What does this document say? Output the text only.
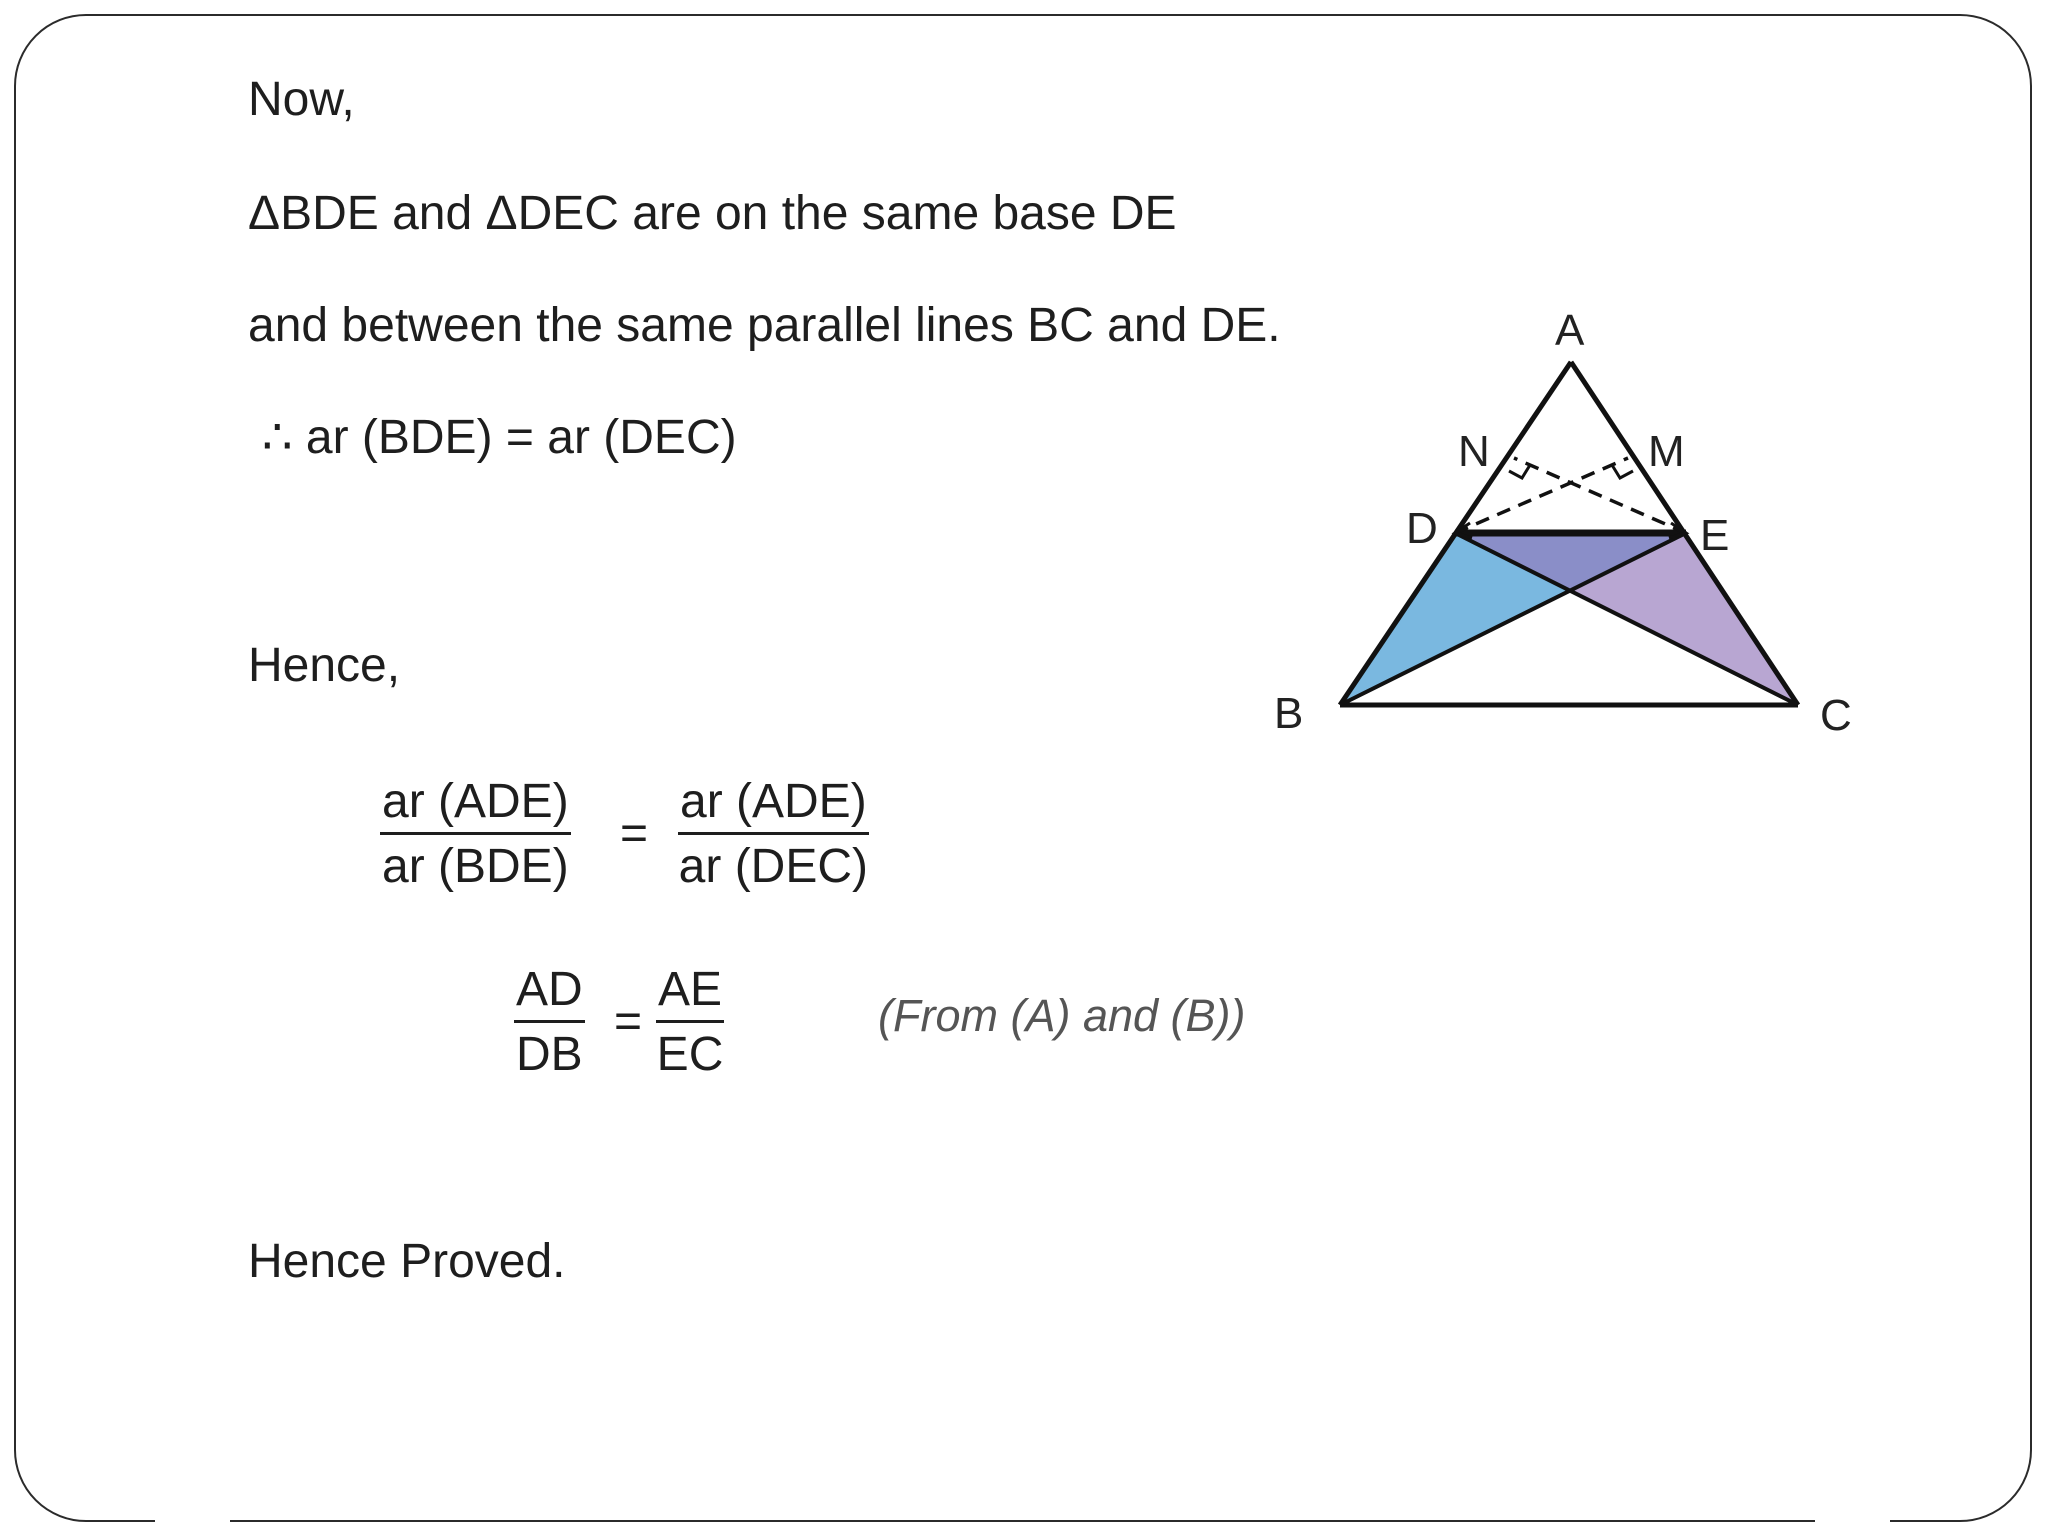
Now,
ΔBDE and ΔDEC are on the same base DE
and between the same parallel lines BC and DE.
∴ ar (BDE) = ar (DEC)
Hence,
ar (ADE)
ar (BDE)
=
ar (ADE)
ar (DEC)
$\frac{AD}{DB} = \frac{AE}{EC}$	(From (A) and (B))
Hence Proved.
A
N	M
D	E
B	C
